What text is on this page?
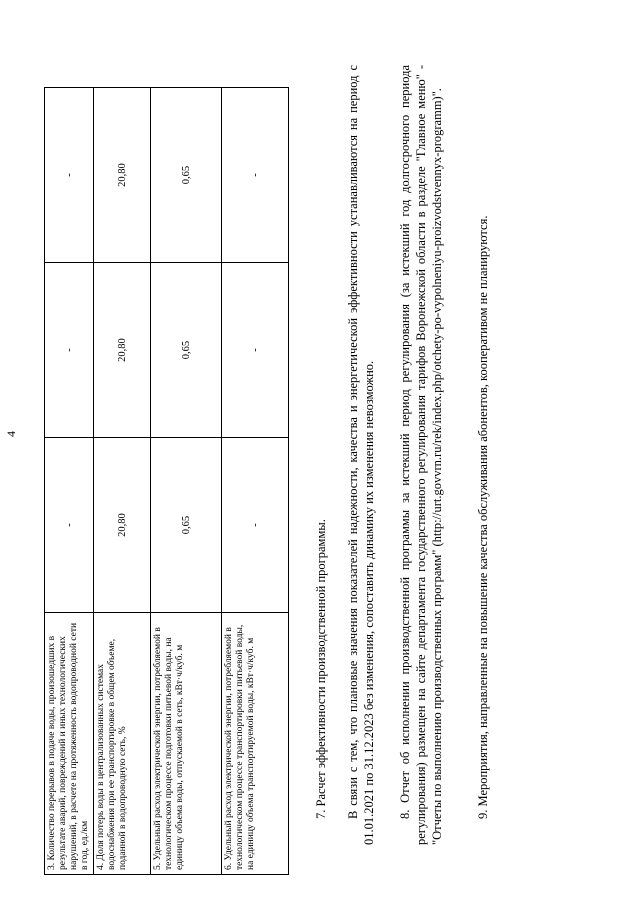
4
3. Количество перерывов в подаче воды, произошедших в результате аварий, повреждений и иных технологических нарушений, в расчете на протяженность водопроводной сети в год, ед./км	-	-	-
4. Доля потерь воды в централизованных системах водоснабжения при ее транспортировке в общем объеме, поданной в водопроводную сеть, %	20,80	20,80	20,80
5. Удельный расход электрической энергии, потребляемой в технологическом процессе подготовки питьевой воды, на единицу объема воды, отпускаемой в сеть, кВт·ч/куб. м	0,65	0,65	0,65
6. Удельный расход электрической энергии, потребляемой в технологическом процессе транспортировки питьевой воды, на единицу объема транспортируемой воды, кВт·ч/куб. м	-	-	-
7. Расчет эффективности производственной программы. В связи с тем, что плановые значения показателей надежности, качества и энергетической эффективности устанавливаются на период с 01.01.2021 по 31.12.2023 без изменения, сопоставить динамику их изменения невозможно. 8. Отчет об исполнении производственной программы за истекший период регулирования (за истекший год долгосрочного периода регулирования) размещен на сайте департамента государственного регулирования тарифов Воронежской области в разделе "Главное меню" - "Отчеты по выполнению производственных программ" (http://urt.govvrn.ru/rek/index.php/otchety-po-vypolneniyu-proizvodstvennyx-programm)".	9. Мероприятия, направленные на повышение качества обслуживания абонентов, кооперативом не планируются.
